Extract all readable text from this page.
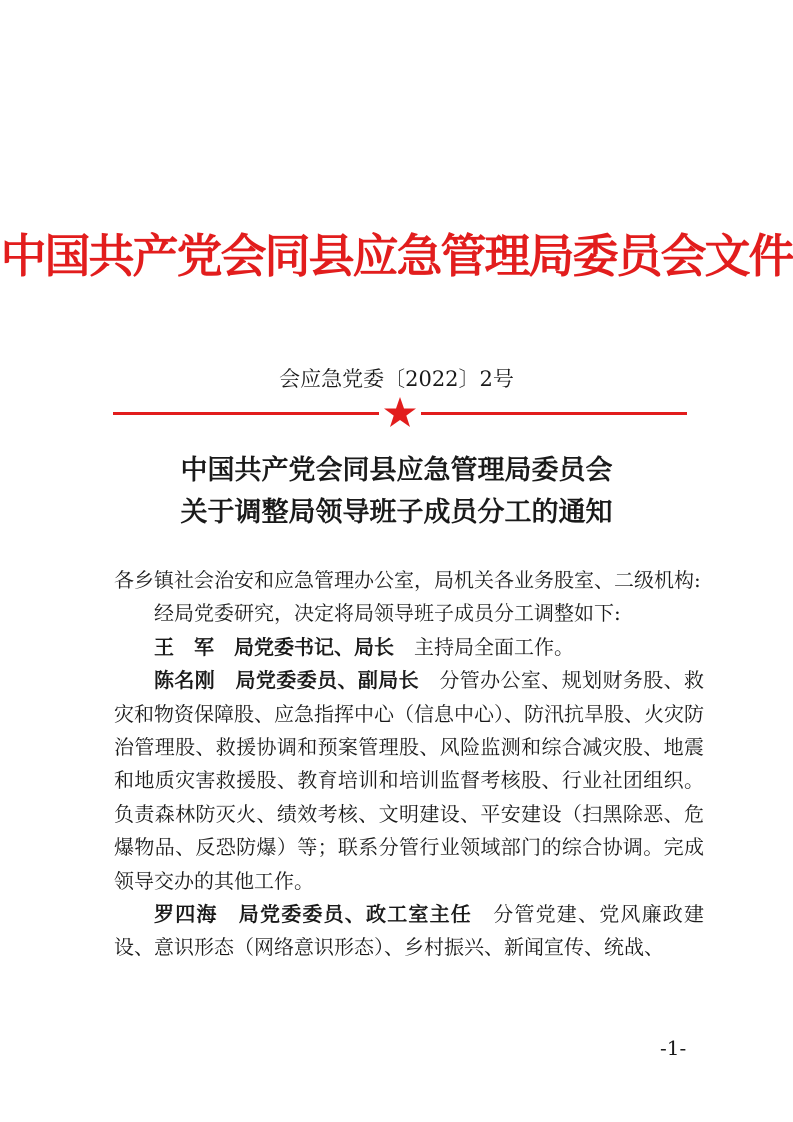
中国共产党会同县应急管理局委员会文件
会应急党委〔2022〕2号
中国共产党会同县应急管理局委员会
关于调整局领导班子成员分工的通知

各乡镇社会治安和应急管理办公室，局机关各业务股室、二级机构:

经局党委研究，决定将局领导班子成员分工调整如下:

王　军　局党委书记、局长　主持局全面工作。

陈名刚　局党委委员、副局长　分管办公室、规划财务股、救灾和物资保障股、应急指挥中心（信息中心）、防汛抗旱股、火灾防治管理股、救援协调和预案管理股、风险监测和综合减灾股、地震和地质灾害救援股、教育培训和培训监督考核股、行业社团组织。负责森林防灭火、绩效考核、文明建设、平安建设（扫黑除恶、危爆物品、反恐防爆）等；联系分管行业领域部门的综合协调。完成领导交办的其他工作。

罗四海　局党委委员、政工室主任　分管党建、党风廉政建设、意识形态（网络意识形态）、乡村振兴、新闻宣传、统战、

-1-
